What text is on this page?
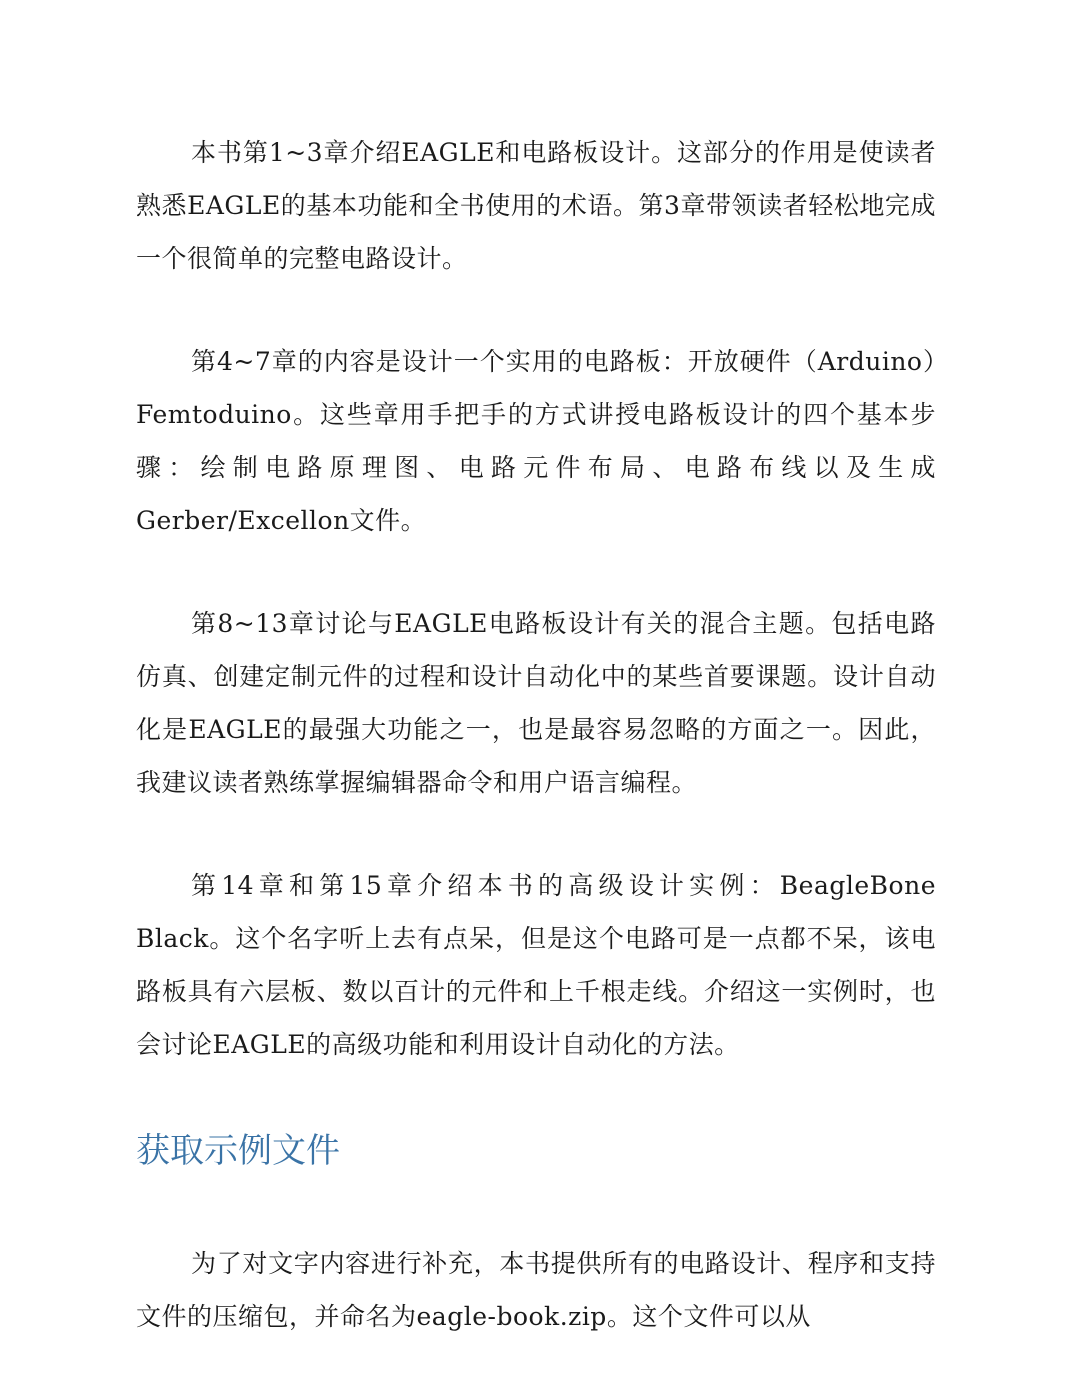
本书第1~3章介绍EAGLE和电路板设计。这部分的作用是使读者熟悉EAGLE的基本功能和全书使用的术语。第3章带领读者轻松地完成一个很简单的完整电路设计。

第4~7章的内容是设计一个实用的电路板：开放硬件（Arduino）Femtoduino。这些章用手把手的方式讲授电路板设计的四个基本步骤：绘制电路原理图、电路元件布局、电路布线以及生成Gerber/Excellon文件。

第8~13章讨论与EAGLE电路板设计有关的混合主题。包括电路仿真、创建定制元件的过程和设计自动化中的某些首要课题。设计自动化是EAGLE的最强大功能之一，也是最容易忽略的方面之一。因此，我建议读者熟练掌握编辑器命令和用户语言编程。

第14章和第15章介绍本书的高级设计实例：BeagleBone Black。这个名字听上去有点呆，但是这个电路可是一点都不呆，该电路板具有六层板、数以百计的元件和上千根走线。介绍这一实例时，也会讨论EAGLE的高级功能和利用设计自动化的方法。

获取示例文件

为了对文字内容进行补充，本书提供所有的电路设计、程序和支持文件的压缩包，并命名为eagle-book.zip。这个文件可以从
